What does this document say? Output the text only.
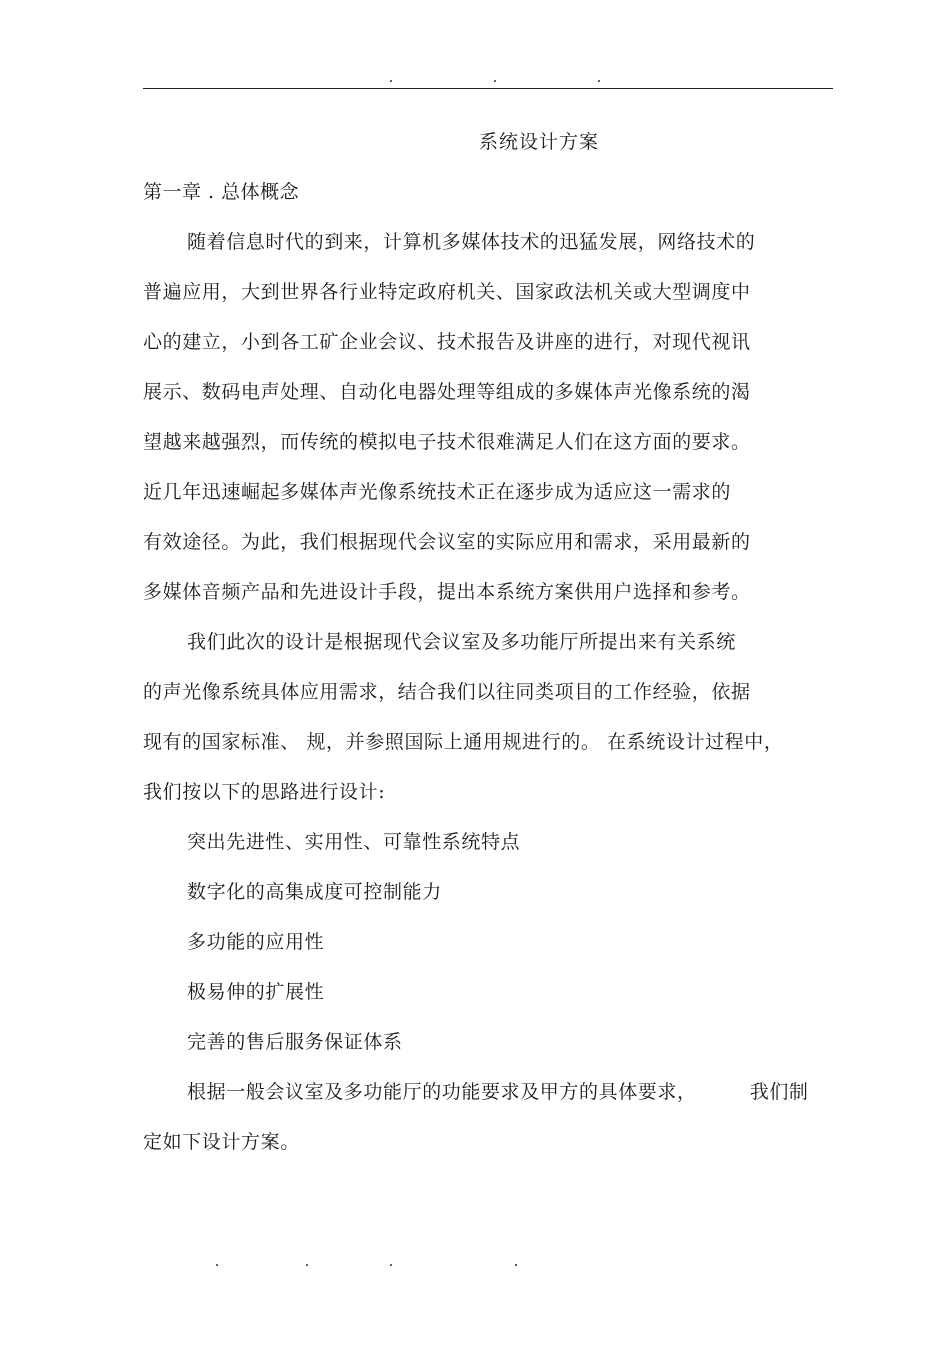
系统设计方案
第一章 . 总体概念
随着信息时代的到来，计算机多媒体技术的迅猛发展，网络技术的
普遍应用，大到世界各行业特定政府机关、国家政法机关或大型调度中
心的建立，小到各工矿企业会议、技术报告及讲座的进行，对现代视讯
展示、数码电声处理、自动化电器处理等组成的多媒体声光像系统的渴
望越来越强烈，而传统的模拟电子技术很难满足人们在这方面的要求。
近几年迅速崛起多媒体声光像系统技术正在逐步成为适应这一需求的
有效途径。为此，我们根据现代会议室的实际应用和需求，采用最新的
多媒体音频产品和先进设计手段，提出本系统方案供用户选择和参考。
我们此次的设计是根据现代会议室及多功能厅所提出来有关系统
的声光像系统具体应用需求，结合我们以往同类项目的工作经验，依据
现有的国家标准、 规，并参照国际上通用规进行的。 在系统设计过程中，
我们按以下的思路进行设计:
突出先进性、实用性、可靠性系统特点
数字化的高集成度可控制能力
多功能的应用性
极易伸的扩展性
完善的售后服务保证体系
根据一般会议室及多功能厅的功能要求及甲方的具体要求，        我们制
定如下设计方案。
